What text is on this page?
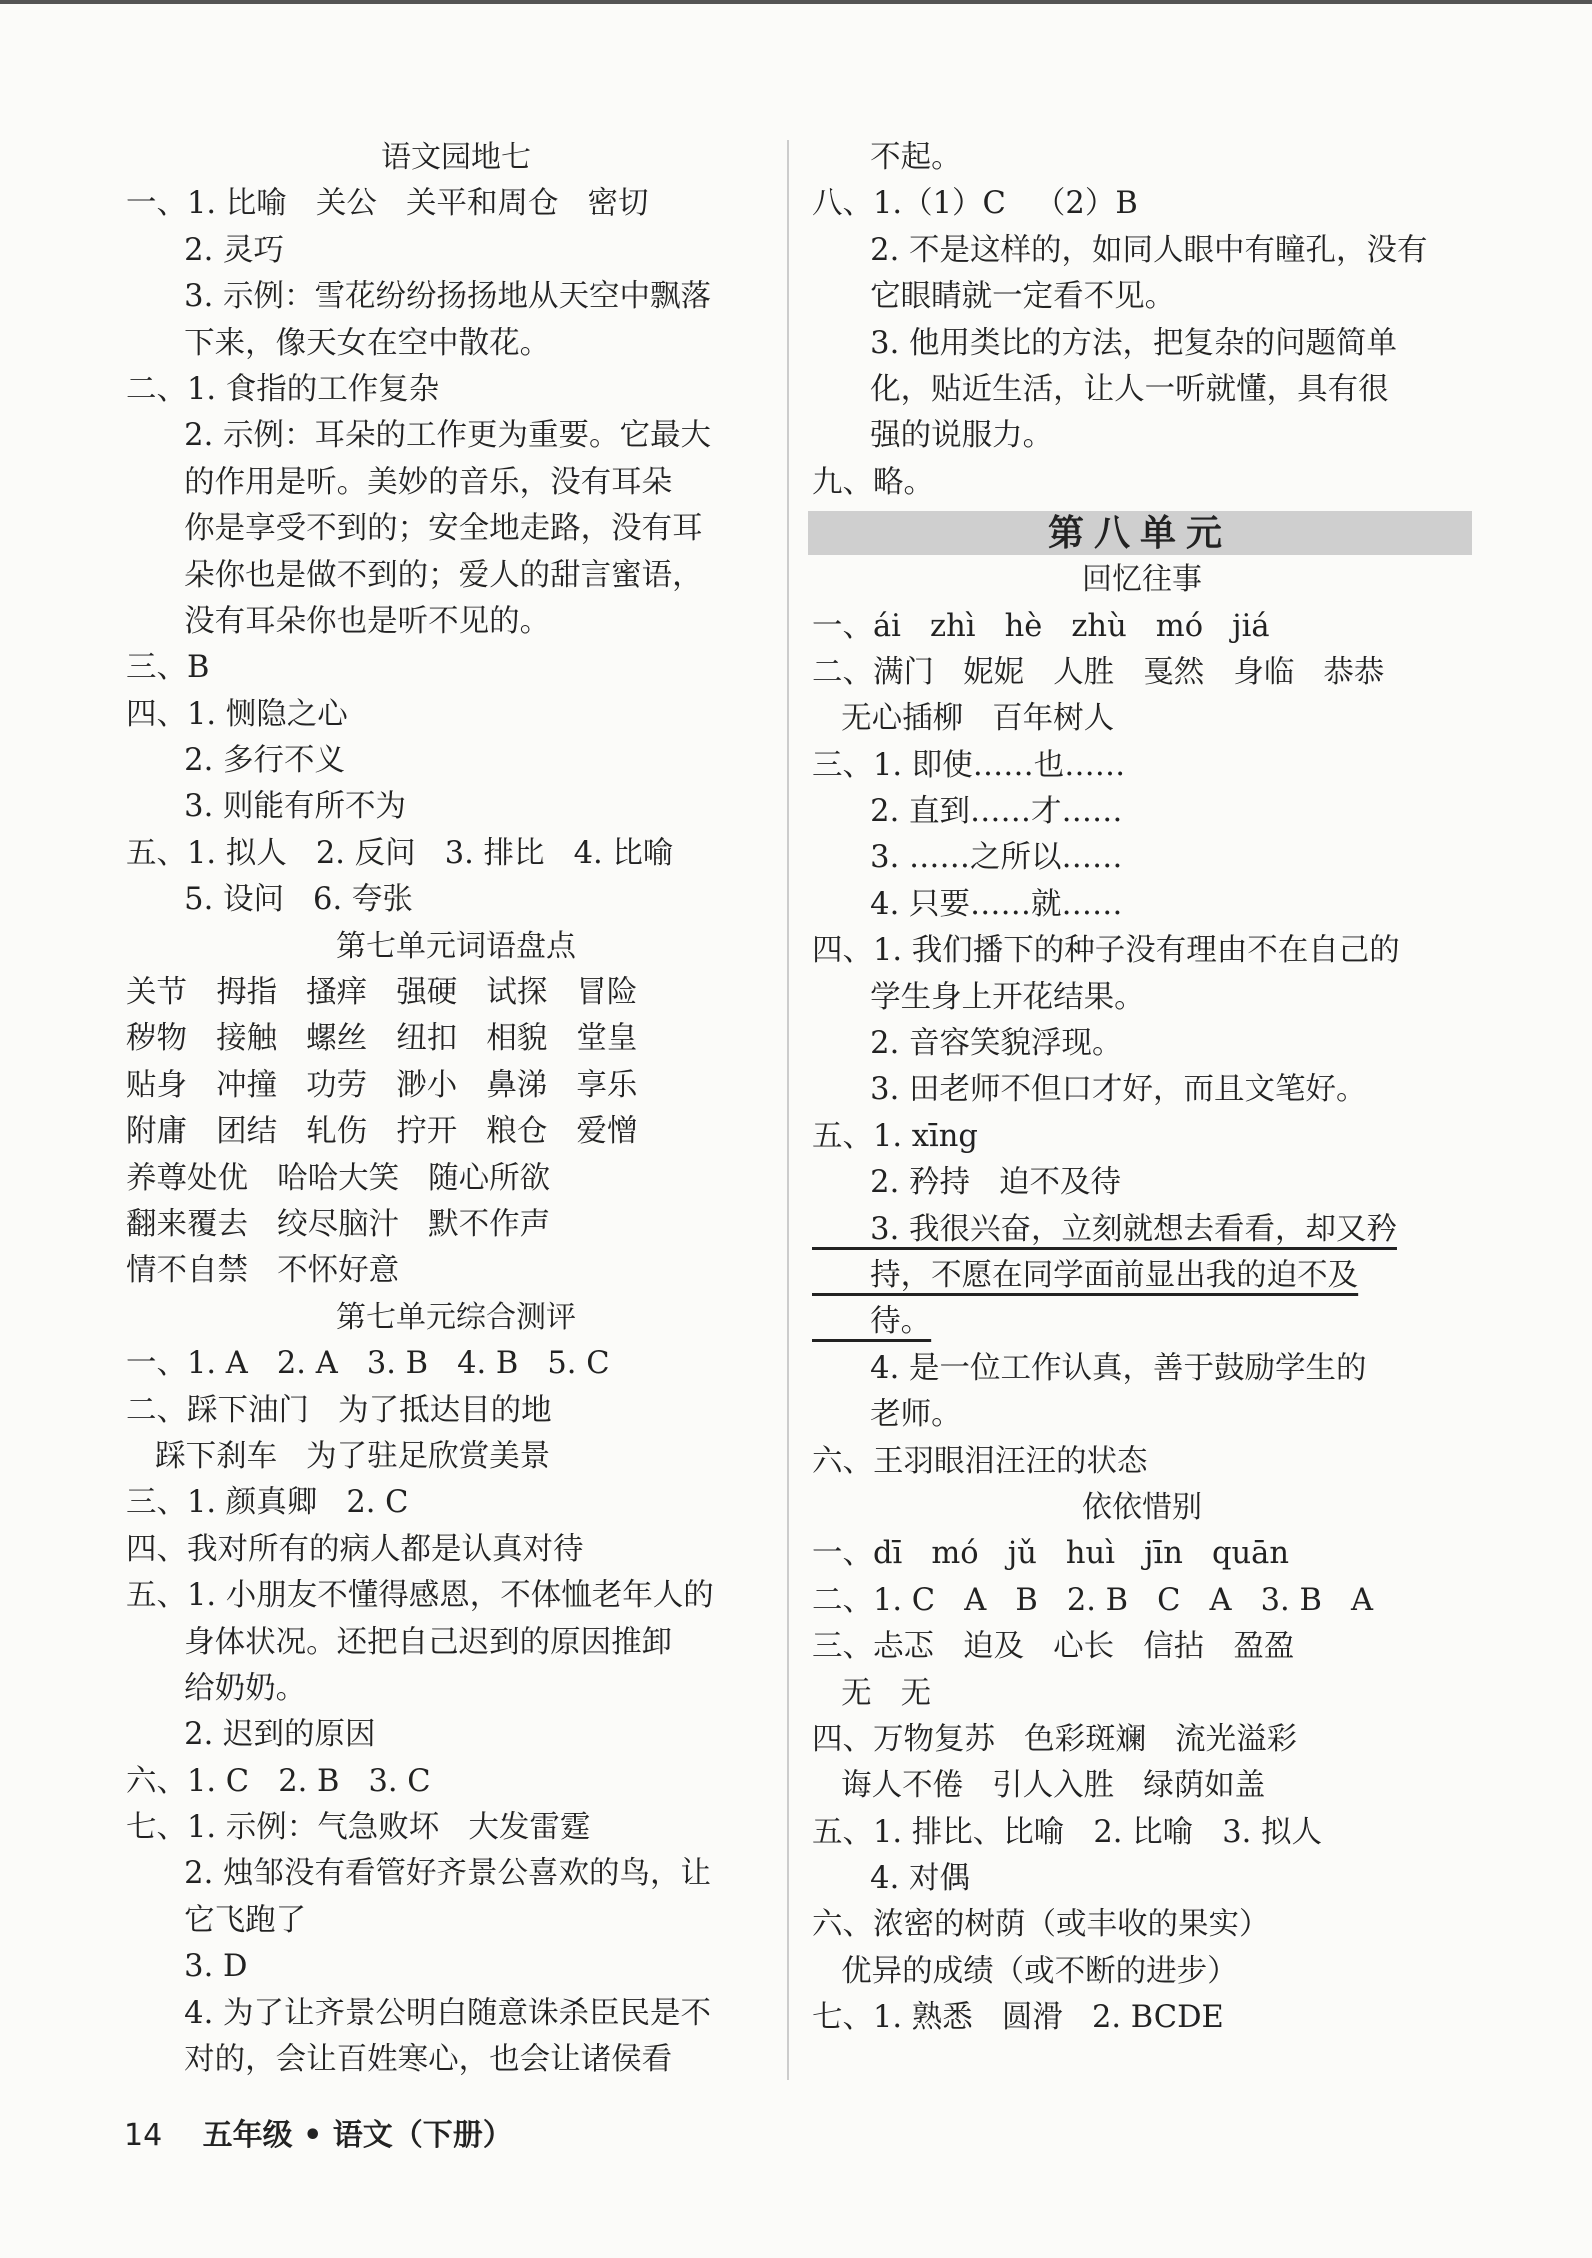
语文园地七
一、1. 比喻   关公   关平和周仓   密切
2. 灵巧
3. 示例：雪花纷纷扬扬地从天空中飘落
下来，像天女在空中散花。
二、1. 食指的工作复杂
2. 示例：耳朵的工作更为重要。它最大
的作用是听。美妙的音乐，没有耳朵
你是享受不到的；安全地走路，没有耳
朵你也是做不到的；爱人的甜言蜜语，
没有耳朵你也是听不见的。
三、B
四、1. 恻隐之心
2. 多行不义
3. 则能有所不为
五、1. 拟人   2. 反问   3. 排比   4. 比喻
5. 设问   6. 夸张
第七单元词语盘点
关节   拇指   搔痒   强硬   试探   冒险
秽物   接触   螺丝   纽扣   相貌   堂皇
贴身   冲撞   功劳   渺小   鼻涕   享乐
附庸   团结   轧伤   拧开   粮仓   爱憎
养尊处优   哈哈大笑   随心所欲
翻来覆去   绞尽脑汁   默不作声
情不自禁   不怀好意
第七单元综合测评
一、1. A   2. A   3. B   4. B   5. C
二、踩下油门   为了抵达目的地
踩下刹车   为了驻足欣赏美景
三、1. 颜真卿   2. C
四、我对所有的病人都是认真对待
五、1. 小朋友不懂得感恩，不体恤老年人的
身体状况。还把自己迟到的原因推卸
给奶奶。
2. 迟到的原因
六、1. C   2. B   3. C
七、1. 示例：气急败坏   大发雷霆
2. 烛邹没有看管好齐景公喜欢的鸟，让
它飞跑了
3. D
4. 为了让齐景公明白随意诛杀臣民是不
对的，会让百姓寒心，也会让诸侯看
不起。
八、1.（1）C   （2）B
2. 不是这样的，如同人眼中有瞳孔，没有
它眼睛就一定看不见。
3. 他用类比的方法，把复杂的问题简单
化，贴近生活，让人一听就懂，具有很
强的说服力。
九、略。
第八单元
回忆往事
一、ái   zhì   hè   zhù   mó   jiá
二、满门   妮妮   人胜   戛然   身临   恭恭
无心插柳   百年树人
三、1. 即使……也……
2. 直到……才……
3. ……之所以……
4. 只要……就……
四、1. 我们播下的种子没有理由不在自己的
学生身上开花结果。
2. 音容笑貌浮现。
3. 田老师不但口才好，而且文笔好。
五、1. xīng
2. 矜持   迫不及待
3. 我很兴奋，立刻就想去看看，却又矜
持，不愿在同学面前显出我的迫不及
待。
4. 是一位工作认真，善于鼓励学生的
老师。
六、王羽眼泪汪汪的状态
依依惜别
一、dī   mó   jǔ   huì   jīn   quān
二、1. C   A   B   2. B   C   A   3. B   A
三、忐忑   迫及   心长   信拈   盈盈
无   无
四、万物复苏   色彩斑斓   流光溢彩
诲人不倦   引人入胜   绿荫如盖
五、1. 排比、比喻   2. 比喻   3. 拟人
4. 对偶
六、浓密的树荫（或丰收的果实）
优异的成绩（或不断的进步）
七、1. 熟悉   圆滑   2. BCDE
14 五年级 • 语文（下册）
